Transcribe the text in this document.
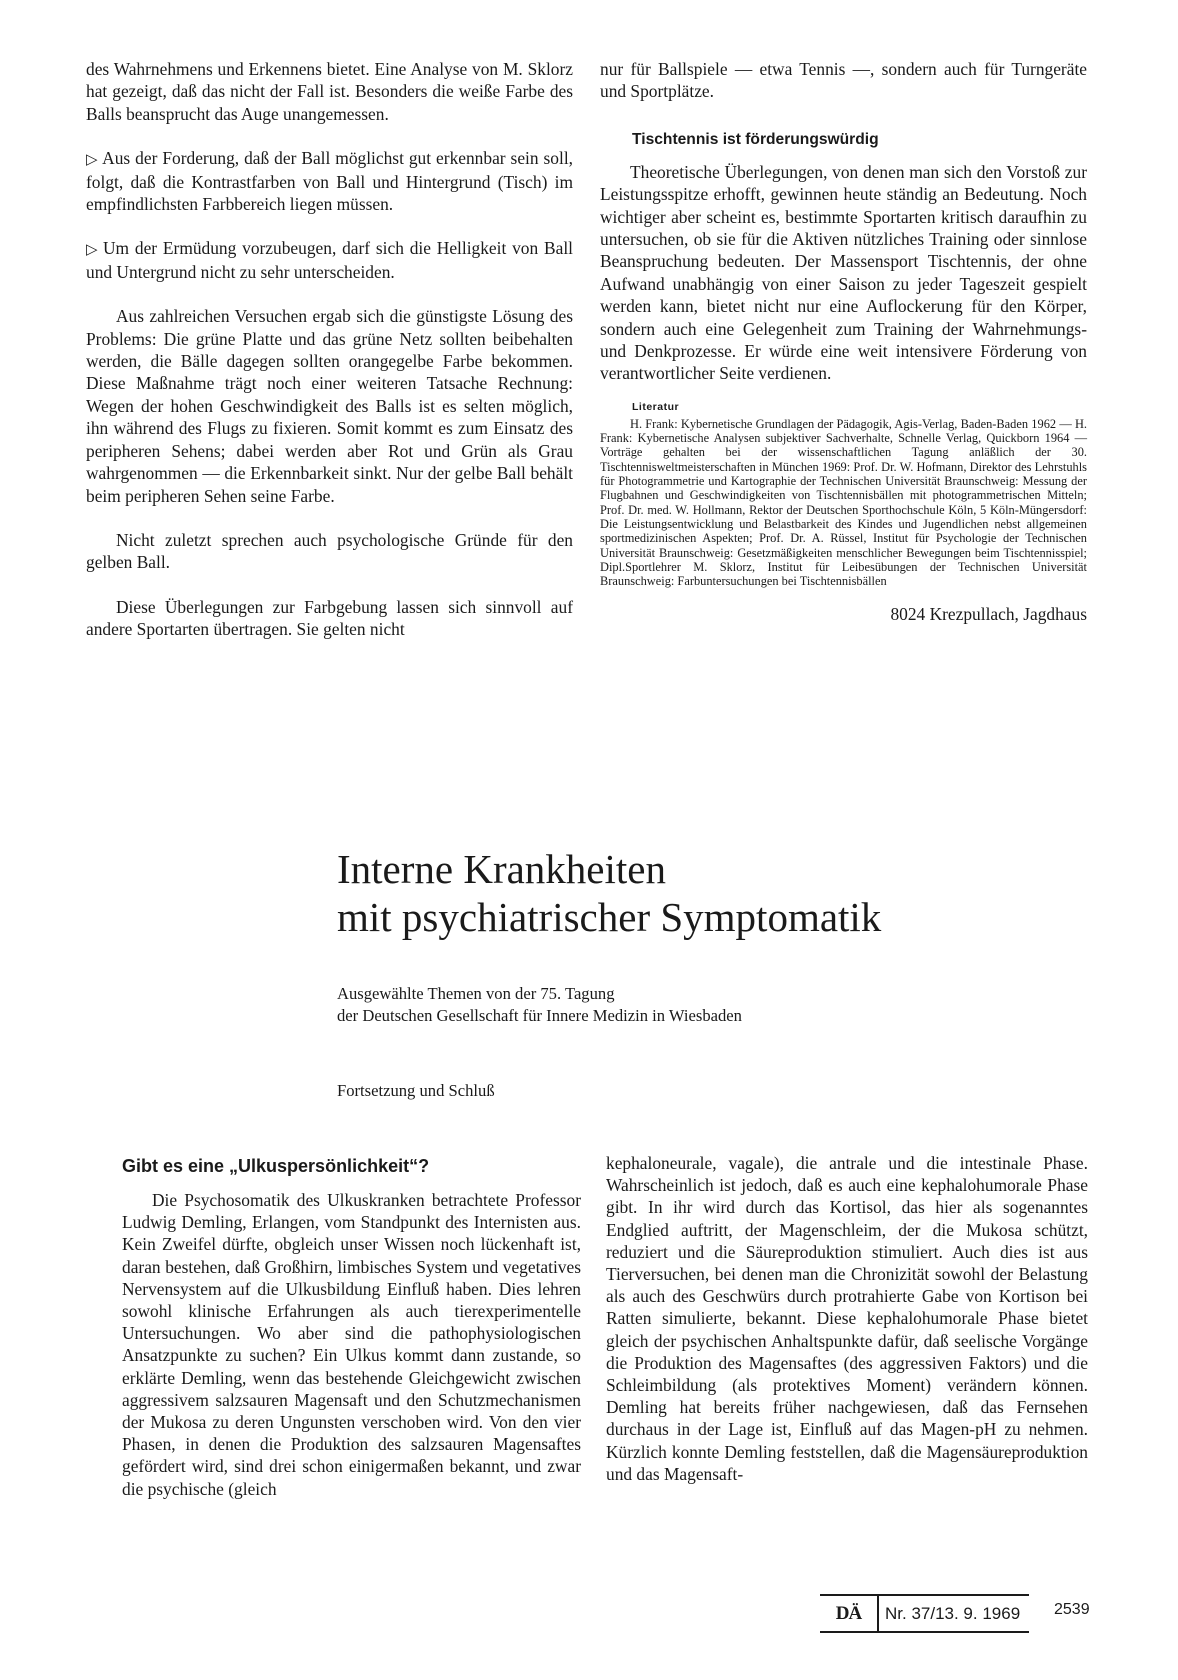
des Wahrnehmens und Erkennens bietet. Eine Analyse von M. Sklorz hat gezeigt, daß das nicht der Fall ist. Besonders die weiße Farbe des Balls beansprucht das Auge unangemessen.

▷ Aus der Forderung, daß der Ball möglichst gut erkennbar sein soll, folgt, daß die Kontrastfarben von Ball und Hintergrund (Tisch) im empfindlichsten Farbbereich liegen müssen.

▷ Um der Ermüdung vorzubeugen, darf sich die Helligkeit von Ball und Untergrund nicht zu sehr unterscheiden.

Aus zahlreichen Versuchen ergab sich die günstigste Lösung des Problems: Die grüne Platte und das grüne Netz sollten beibehalten werden, die Bälle dagegen sollten orangegelbe Farbe bekommen. Diese Maßnahme trägt noch einer weiteren Tatsache Rechnung: Wegen der hohen Geschwindigkeit des Balls ist es selten möglich, ihn während des Flugs zu fixieren. Somit kommt es zum Einsatz des peripheren Sehens; dabei werden aber Rot und Grün als Grau wahrgenommen — die Erkennbarkeit sinkt. Nur der gelbe Ball behält beim peripheren Sehen seine Farbe.

Nicht zuletzt sprechen auch psychologische Gründe für den gelben Ball.

Diese Überlegungen zur Farbgebung lassen sich sinnvoll auf andere Sportarten übertragen. Sie gelten nicht

nur für Ballspiele — etwa Tennis —, sondern auch für Turngeräte und Sportplätze.

Tischtennis ist förderungswürdig

Theoretische Überlegungen, von denen man sich den Vorstoß zur Leistungsspitze erhofft, gewinnen heute ständig an Bedeutung. Noch wichtiger aber scheint es, bestimmte Sportarten kritisch daraufhin zu untersuchen, ob sie für die Aktiven nützliches Training oder sinnlose Beanspruchung bedeuten. Der Massensport Tischtennis, der ohne Aufwand unabhängig von einer Saison zu jeder Tageszeit gespielt werden kann, bietet nicht nur eine Auflockerung für den Körper, sondern auch eine Gelegenheit zum Training der Wahrnehmungs- und Denkprozesse. Er würde eine weit intensivere Förderung von verantwortlicher Seite verdienen.

Literatur

H. Frank: Kybernetische Grundlagen der Pädagogik, Agis-Verlag, Baden-Baden 1962 — H. Frank: Kybernetische Analysen subjektiver Sachverhalte, Schnelle Verlag, Quickborn 1964 — Vorträge gehalten bei der wissenschaftlichen Tagung anläßlich der 30. Tischtennisweltmeisterschaften in München 1969: Prof. Dr. W. Hofmann, Direktor des Lehrstuhls für Photogrammetrie und Kartographie der Technischen Universität Braunschweig: Messung der Flugbahnen und Geschwindigkeiten von Tischtennisbällen mit photogrammetrischen Mitteln; Prof. Dr. med. W. Hollmann, Rektor der Deutschen Sporthochschule Köln, 5 Köln-Müngersdorf: Die Leistungsentwicklung und Belastbarkeit des Kindes und Jugendlichen nebst allgemeinen sportmedizinischen Aspekten; Prof. Dr. A. Rüssel, Institut für Psychologie der Technischen Universität Braunschweig: Gesetzmäßigkeiten menschlicher Bewegungen beim Tischtennisspiel; Dipl.Sportlehrer M. Sklorz, Institut für Leibesübungen der Technischen Universität Braunschweig: Farbuntersuchungen bei Tischtennisbällen

8024 Krezpullach, Jagdhaus
Interne Krankheiten
mit psychiatrischer Symptomatik
Ausgewählte Themen von der 75. Tagung
der Deutschen Gesellschaft für Innere Medizin in Wiesbaden
Fortsetzung und Schluß
Gibt es eine „Ulkuspersönlichkeit“?

Die Psychosomatik des Ulkuskranken betrachtete Professor Ludwig Demling, Erlangen, vom Standpunkt des Internisten aus. Kein Zweifel dürfte, obgleich unser Wissen noch lückenhaft ist, daran bestehen, daß Großhirn, limbisches System und vegetatives Nervensystem auf die Ulkusbildung Einfluß haben. Dies lehren sowohl klinische Erfahrungen als auch tierexperimentelle Untersuchungen. Wo aber sind die pathophysiologischen Ansatzpunkte zu suchen? Ein Ulkus kommt dann zustande, so erklärte Demling, wenn das bestehende Gleichgewicht zwischen aggressivem salzsauren Magensaft und den Schutzmechanismen der Mukosa zu deren Ungunsten verschoben wird. Von den vier Phasen, in denen die Produktion des salzsauren Magensaftes gefördert wird, sind drei schon einigermaßen bekannt, und zwar die psychische (gleich

kephaloneurale, vagale), die antrale und die intestinale Phase. Wahrscheinlich ist jedoch, daß es auch eine kephalohumorale Phase gibt. In ihr wird durch das Kortisol, das hier als sogenanntes Endglied auftritt, der Magenschleim, der die Mukosa schützt, reduziert und die Säureproduktion stimuliert. Auch dies ist aus Tierversuchen, bei denen man die Chronizität sowohl der Belastung als auch des Geschwürs durch protrahierte Gabe von Kortison bei Ratten simulierte, bekannt. Diese kephalohumorale Phase bietet gleich der psychischen Anhaltspunkte dafür, daß seelische Vorgänge die Produktion des Magensaftes (des aggressiven Faktors) und die Schleimbildung (als protektives Moment) verändern können. Demling hat bereits früher nachgewiesen, daß das Fernsehen durchaus in der Lage ist, Einfluß auf das Magen-pH zu nehmen. Kürzlich konnte Demling feststellen, daß die Magensäureproduktion und das Magensaft-

DÄ	Nr. 37/13. 9. 1969 2539
